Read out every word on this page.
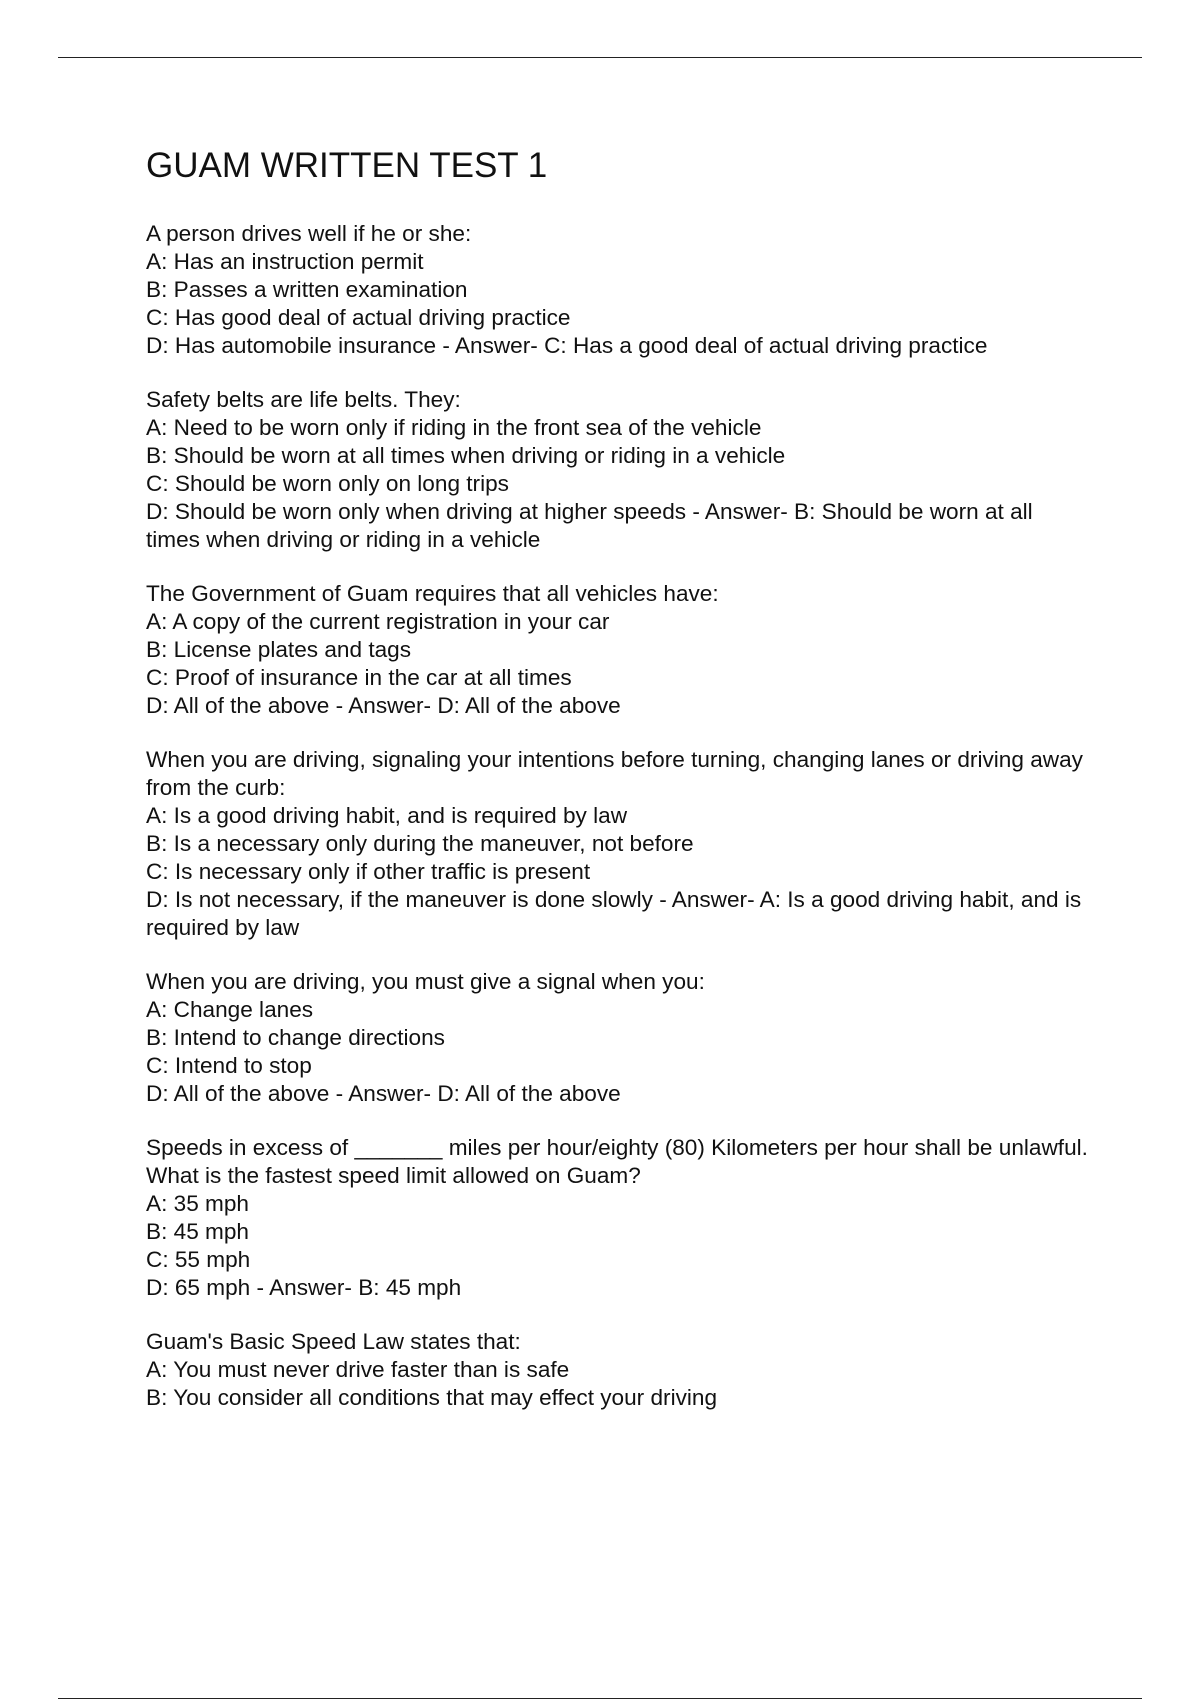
GUAM WRITTEN TEST 1
A person drives well if he or she:
A: Has an instruction permit
B: Passes a written examination
C: Has good deal of actual driving practice
D: Has automobile insurance - Answer- C: Has a good deal of actual driving practice
Safety belts are life belts. They:
A: Need to be worn only if riding in the front sea of the vehicle
B: Should be worn at all times when driving or riding in a vehicle
C: Should be worn only on long trips
D: Should be worn only when driving at higher speeds - Answer- B: Should be worn at all times when driving or riding in a vehicle
The Government of Guam requires that all vehicles have:
A: A copy of the current registration in your car
B: License plates and tags
C: Proof of insurance in the car at all times
D: All of the above - Answer- D: All of the above
When you are driving, signaling your intentions before turning, changing lanes or driving away from the curb:
A: Is a good driving habit, and is required by law
B: Is a necessary only during the maneuver, not before
C: Is necessary only if other traffic is present
D: Is not necessary, if the maneuver is done slowly - Answer- A: Is a good driving habit, and is required by law
When you are driving, you must give a signal when you:
A: Change lanes
B: Intend to change directions
C: Intend to stop
D: All of the above - Answer- D: All of the above
Speeds in excess of _______ miles per hour/eighty (80) Kilometers per hour shall be unlawful. What is the fastest speed limit allowed on Guam?
A: 35 mph
B: 45 mph
C: 55 mph
D: 65 mph - Answer- B: 45 mph
Guam's Basic Speed Law states that:
A: You must never drive faster than is safe
B: You consider all conditions that may effect your driving
